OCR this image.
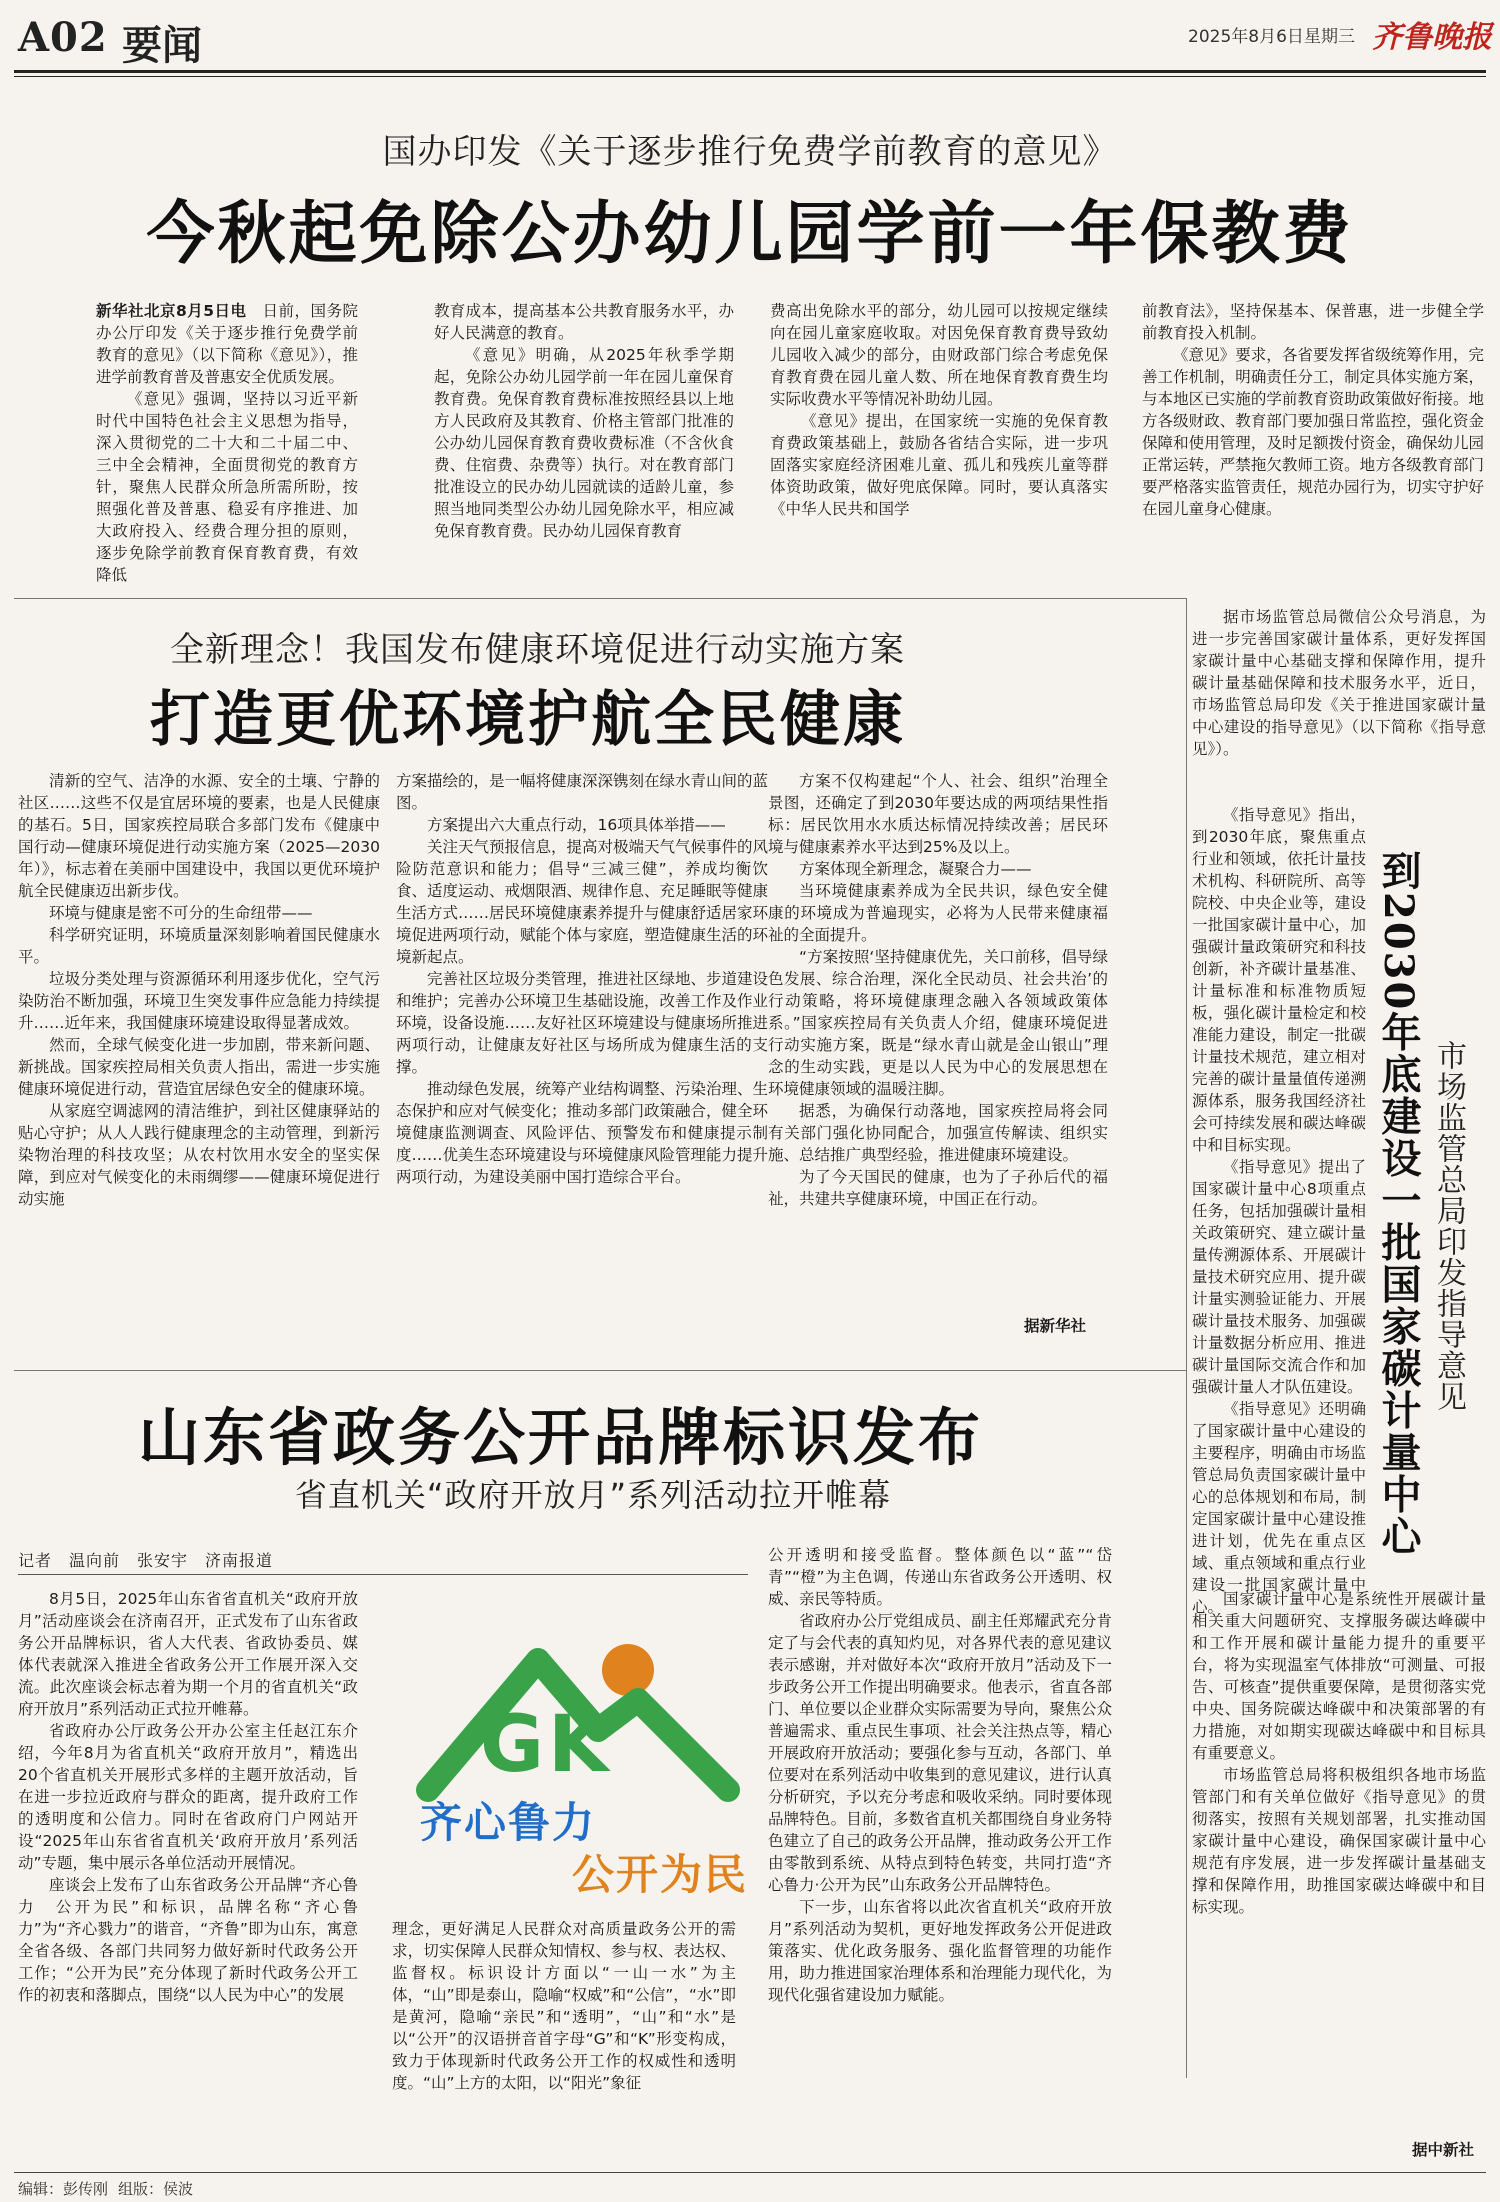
A02 要闻	2025年8月6日 星期三 齐鲁晚报
国办印发《关于逐步推行免费学前教育的意见》
今秋起免除公办幼儿园学前一年保教费

新华社北京8月5日电　 日前，国务院办公厅印发《关于逐步推行免费学前教育的意见》（以下简称《意见》），推进学前教育普及普惠安全优质发展。

《意见》强调，坚持以习近平新时代中国特色社会主义思想为指导，深入贯彻党的二十大和二十届二中、三中全会精神，全面贯彻党的教育方针，聚焦人民群众所急所需所盼，按照强化普及普惠、稳妥有序推进、加大政府投入、经费合理分担的原则，逐步免除学前教育保育教育费，有效降低

教育成本，提高基本公共教育服务水平，办好人民满意的教育。

《意见》明确，从2025年秋季学期起，免除公办幼儿园学前一年在园儿童保育教育费。免保育教育费标准按照经县以上地方人民政府及其教育、价格主管部门批准的公办幼儿园保育教育费收费标准（不含伙食费、住宿费、杂费等）执行。对在教育部门批准设立的民办幼儿园就读的适龄儿童，参照当地同类型公办幼儿园免除水平，相应减免保育教育费。民办幼儿园保育教育

费高出免除水平的部分，幼儿园可以按规定继续向在园儿童家庭收取。对因免保育教育费导致幼儿园收入减少的部分，由财政部门综合考虑免保育教育费在园儿童人数、所在地保育教育费生均实际收费水平等情况补助幼儿园。

《意见》提出，在国家统一实施的免保育教育费政策基础上，鼓励各省结合实际，进一步巩固落实家庭经济困难儿童、孤儿和残疾儿童等群体资助政策，做好兜底保障。同时，要认真落实《中华人民共和国学

前教育法》，坚持保基本、保普惠，进一步健全学前教育投入机制。

《意见》要求，各省要发挥省级统筹作用，完善工作机制，明确责任分工，制定具体实施方案，与本地区已实施的学前教育资助政策做好衔接。地方各级财政、教育部门要加强日常监控，强化资金保障和使用管理，及时足额拨付资金，确保幼儿园正常运转，严禁拖欠教师工资。地方各级教育部门要严格落实监管责任，规范办园行为，切实守护好在园儿童身心健康。

全新理念！我国发布健康环境促进行动实施方案
打造更优环境护航全民健康

清新的空气、洁净的水源、安全的土壤、宁静的社区……这些不仅是宜居环境的要素，也是人民健康的基石。5日，国家疾控局联合多部门发布《健康中国行动—健康环境促进行动实施方案（2025—2030年）》，标志着在美丽中国建设中，我国以更优环境护航全民健康迈出新步伐。

环境与健康是密不可分的生命纽带——

科学研究证明，环境质量深刻影响着国民健康水平。

垃圾分类处理与资源循环利用逐步优化，空气污染防治不断加强，环境卫生突发事件应急能力持续提升……近年来，我国健康环境建设取得显著成效。

然而，全球气候变化进一步加剧，带来新问题、新挑战。国家疾控局相关负责人指出，需进一步实施健康环境促进行动，营造宜居绿色安全的健康环境。

从家庭空调滤网的清洁维护，到社区健康驿站的贴心守护；从人人践行健康理念的主动管理，到新污染物治理的科技攻坚；从农村饮用水安全的坚实保障，到应对气候变化的未雨绸缪——健康环境促进行动实施

方案描绘的，是一幅将健康深深镌刻在绿水青山间的蓝图。

方案提出六大重点行动，16项具体举措——

关注天气预报信息，提高对极端天气气候事件的风险防范意识和能力；倡导“三减三健”，养成均衡饮食、适度运动、戒烟限酒、规律作息、充足睡眠等健康生活方式……居民环境健康素养提升与健康舒适居家环境促进两项行动，赋能个体与家庭，塑造健康生活的环境新起点。

完善社区垃圾分类管理，推进社区绿地、步道建设和维护；完善办公环境卫生基础设施，改善工作及作业环境，设备设施……友好社区环境建设与健康场所推进两项行动，让健康友好社区与场所成为健康生活的支撑。

推动绿色发展，统筹产业结构调整、污染治理、生态保护和应对气候变化；推动多部门政策融合，健全环境健康监测调查、风险评估、预警发布和健康提示制度……优美生态环境建设与环境健康风险管理能力提升两项行动，为建设美丽中国打造综合平台。

方案不仅构建起“个人、社会、组织”治理全景图，还确定了到2030年要达成的两项结果性指标：居民饮用水水质达标情况持续改善；居民环境与健康素养水平达到25%及以上。

方案体现全新理念，凝聚合力——

当环境健康素养成为全民共识，绿色安全健康的环境成为普遍现实，必将为人民带来健康福祉的全面提升。

“方案按照‘坚持健康优先，关口前移，倡导绿色发展、综合治理，深化全民动员、社会共治’的行动策略，将环境健康理念融入各领域政策体系。”国家疾控局有关负责人介绍，健康环境促进行动实施方案，既是“绿水青山就是金山银山”理念的生动实践，更是以人民为中心的发展思想在环境健康领域的温暖注脚。

据悉，为确保行动落地，国家疾控局将会同有关部门强化协同配合，加强宣传解读、组织实施、总结推广典型经验，推进健康环境建设。

为了今天国民的健康，也为了子孙后代的福祉，共建共享健康环境，中国正在行动。

据新华社
山东省政务公开品牌标识发布
省直机关“政府开放月”系列活动拉开帷幕
记者　温向前　张安宇　济南报道

8月5日，2025年山东省省直机关“政府开放月”活动座谈会在济南召开，正式发布了山东省政务公开品牌标识，省人大代表、省政协委员、媒体代表就深入推进全省政务公开工作展开深入交流。此次座谈会标志着为期一个月的省直机关“政府开放月”系列活动正式拉开帷幕。

省政府办公厅政务公开办公室主任赵江东介绍，今年8月为省直机关“政府开放月”，精选出20个省直机关开展形式多样的主题开放活动，旨在进一步拉近政府与群众的距离，提升政府工作的透明度和公信力。同时在省政府门户网站开设“2025年山东省省直机关‘政府开放月’系列活动”专题，集中展示各单位活动开展情况。

座谈会上发布了山东省政务公开品牌“齐心鲁力　公开为民”和标识，品牌名称“齐心鲁力”为“齐心戮力”的谐音，“齐鲁”即为山东，寓意全省各级、各部门共同努力做好新时代政务公开工作；“公开为民”充分体现了新时代政务公开工作的初衷和落脚点，围绕“以人民为中心”的发展

GK
齐心鲁力
公开为民

理念，更好满足人民群众对高质量政务公开的需求，切实保障人民群众知情权、参与权、表达权、监督权。标识设计方面以“一山一水”为主体，“山”即是泰山，隐喻“权威”和“公信”，“水”即是黄河，隐喻“亲民”和“透明”，“山”和“水”是以“公开”的汉语拼音首字母“G”和“K”形变构成，致力于体现新时代政务公开工作的权威性和透明度。“山”上方的太阳，以“阳光”象征

公开透明和接受监督。整体颜色以“蓝”“岱青”“橙”为主色调，传递山东省政务公开透明、权威、亲民等特质。

省政府办公厅党组成员、副主任郑耀武充分肯定了与会代表的真知灼见，对各界代表的意见建议表示感谢，并对做好本次“政府开放月”活动及下一步政务公开工作提出明确要求。他表示，省直各部门、单位要以企业群众实际需要为导向，聚焦公众普遍需求、重点民生事项、社会关注热点等，精心开展政府开放活动；要强化参与互动，各部门、单位要对在系列活动中收集到的意见建议，进行认真分析研究，予以充分考虑和吸收采纳。同时要体现品牌特色。目前，多数省直机关都围绕自身业务特色建立了自己的政务公开品牌，推动政务公开工作由零散到系统、从特点到特色转变，共同打造“齐心鲁力·公开为民”山东政务公开品牌特色。

下一步，山东省将以此次省直机关“政府开放月”系列活动为契机，更好地发挥政务公开促进政策落实、优化政务服务、强化监督管理的功能作用，助力推进国家治理体系和治理能力现代化，为现代化强省建设加力赋能。

据市场监管总局微信公众号消息，为进一步完善国家碳计量体系，更好发挥国家碳计量中心基础支撑和保障作用，提升碳计量基础保障和技术服务水平，近日，市场监管总局印发《关于推进国家碳计量中心建设的指导意见》（以下简称《指导意见》）。

《指导意见》指出，到2030年底，聚焦重点行业和领域，依托计量技术机构、科研院所、高等院校、中央企业等，建设一批国家碳计量中心，加强碳计量政策研究和科技创新，补齐碳计量基准、计量标准和标准物质短板，强化碳计量检定和校准能力建设，制定一批碳计量技术规范，建立相对完善的碳计量量值传递溯源体系，服务我国经济社会可持续发展和碳达峰碳中和目标实现。

《指导意见》提出了国家碳计量中心8项重点任务，包括加强碳计量相关政策研究、建立碳计量量传溯源体系、开展碳计量技术研究应用、提升碳计量实测验证能力、开展碳计量技术服务、加强碳计量数据分析应用、推进碳计量国际交流合作和加强碳计量人才队伍建设。

《指导意见》还明确了国家碳计量中心建设的主要程序，明确由市场监管总局负责国家碳计量中心的总体规划和布局，制定国家碳计量中心建设推进计划，优先在重点区域、重点领域和重点行业建设一批国家碳计量中心。

到2030年底建设一批国家碳计量中心 市场监管总局印发指导意见

国家碳计量中心是系统性开展碳计量相关重大问题研究、支撑服务碳达峰碳中和工作开展和碳计量能力提升的重要平台，将为实现温室气体排放“可测量、可报告、可核查”提供重要保障，是贯彻落实党中央、国务院碳达峰碳中和决策部署的有力措施，对如期实现碳达峰碳中和目标具有重要意义。

市场监管总局将积极组织各地市场监管部门和有关单位做好《指导意见》的贯彻落实，按照有关规划部署，扎实推动国家碳计量中心建设，确保国家碳计量中心规范有序发展，进一步发挥碳计量基础支撑和保障作用，助推国家碳达峰碳中和目标实现。

据中新社
编辑：彭传刚 组版：侯波
